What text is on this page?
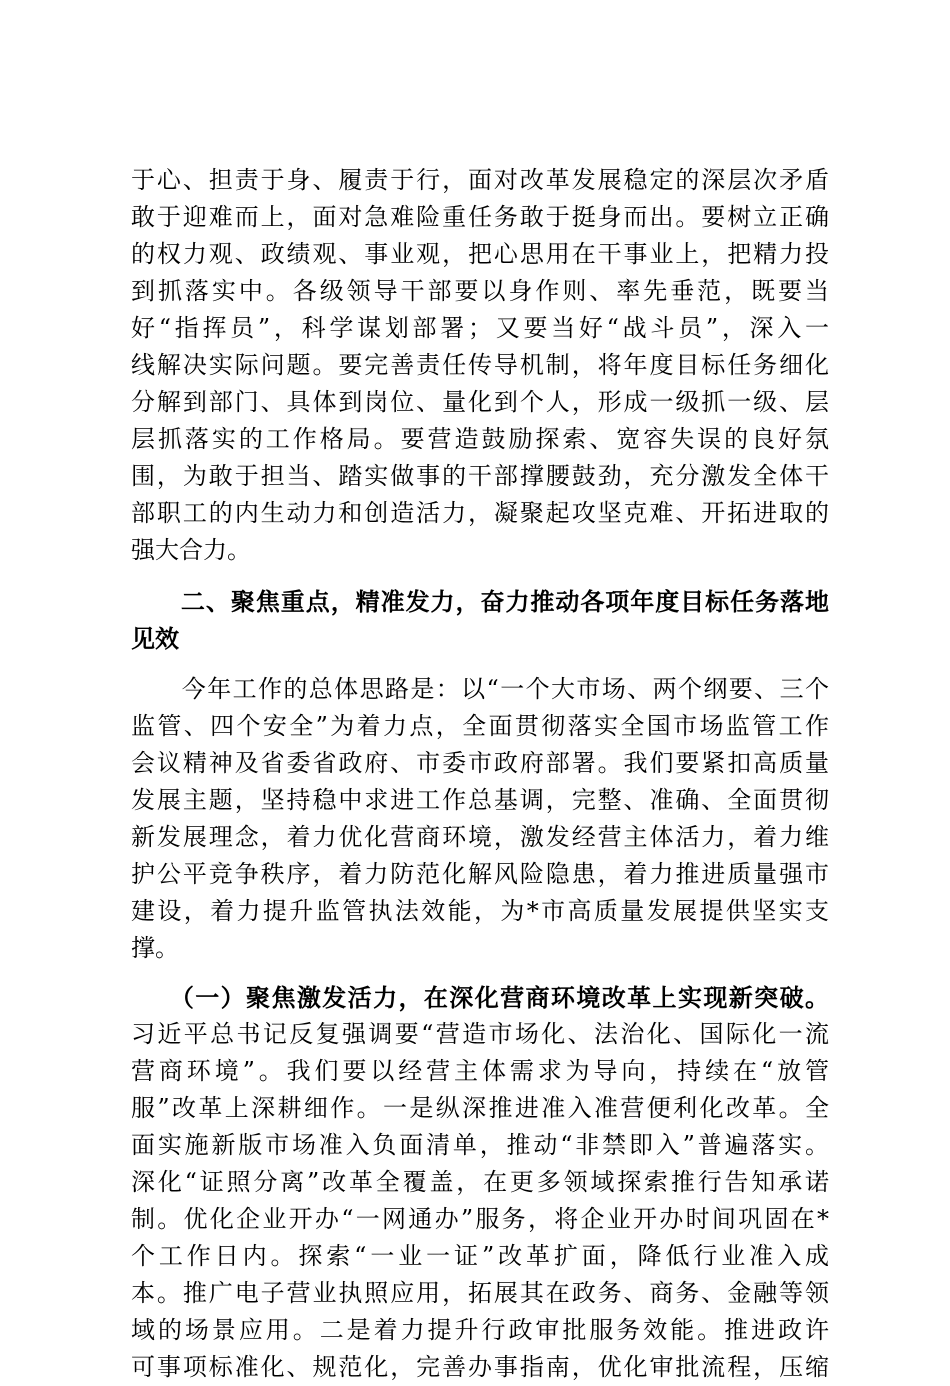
于心、担责于身、履责于行，面对改革发展稳定的深层次矛盾
敢于迎难而上，面对急难险重任务敢于挺身而出。要树立正确
的权力观、政绩观、事业观，把心思用在干事业上，把精力投
到抓落实中。各级领导干部要以身作则、率先垂范，既要当
好“指挥员”，科学谋划部署；又要当好“战斗员”，深入一
线解决实际问题。要完善责任传导机制，将年度目标任务细化
分解到部门、具体到岗位、量化到个人，形成一级抓一级、层
层抓落实的工作格局。要营造鼓励探索、宽容失误的良好氛
围，为敢于担当、踏实做事的干部撑腰鼓劲，充分激发全体干
部职工的内生动力和创造活力，凝聚起攻坚克难、开拓进取的
强大合力。
　　二、聚焦重点，精准发力，奋力推动各项年度目标任务落地
见效
　　今年工作的总体思路是：以“一个大市场、两个纲要、三个
监管、四个安全”为着力点，全面贯彻落实全国市场监管工作
会议精神及省委省政府、市委市政府部署。我们要紧扣高质量
发展主题，坚持稳中求进工作总基调，完整、准确、全面贯彻
新发展理念，着力优化营商环境，激发经营主体活力，着力维
护公平竞争秩序，着力防范化解风险隐患，着力推进质量强市
建设，着力提升监管执法效能，为*市高质量发展提供坚实支
撑。
　　（一）聚焦激发活力，在深化营商环境改革上实现新突破。
习近平总书记反复强调要“营造市场化、法治化、国际化一流
营商环境”。我们要以经营主体需求为导向，持续在“放管
服”改革上深耕细作。一是纵深推进准入准营便利化改革。全
面实施新版市场准入负面清单，推动“非禁即入”普遍落实。
深化“证照分离”改革全覆盖，在更多领域探索推行告知承诺
制。优化企业开办“一网通办”服务，将企业开办时间巩固在*
个工作日内。探索“一业一证”改革扩面，降低行业准入成
本。推广电子营业执照应用，拓展其在政务、商务、金融等领
域的场景应用。二是着力提升行政审批服务效能。推进政许
可事项标准化、规范化，完善办事指南，优化审批流程，压缩
